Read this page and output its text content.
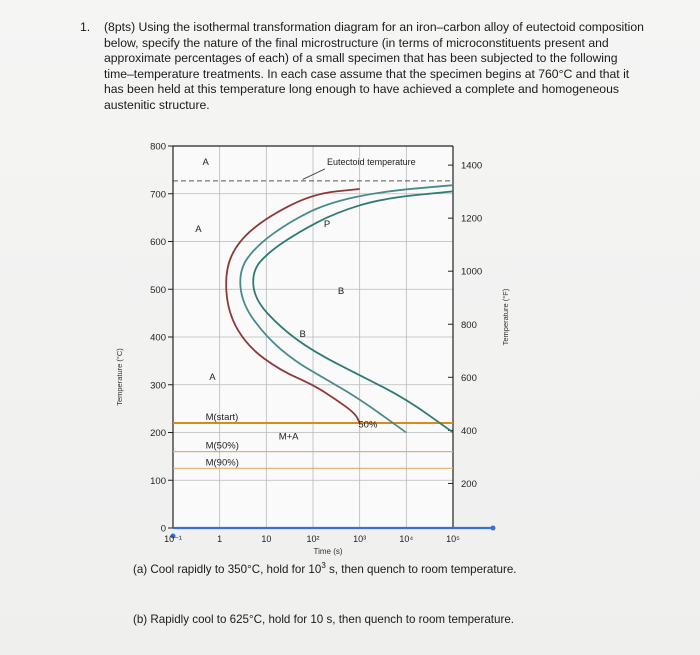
1. (8pts) Using the isothermal transformation diagram for an iron–carbon alloy of eutectoid composition below, specify the nature of the final microstructure (in terms of microconstituents present and approximate percentages of each) of a small specimen that has been subjected to the following time–temperature treatments. In each case assume that the specimen begins at 760°C and that it has been held at this temperature long enough to have achieved a complete and homogeneous austenitic structure.
0
100
200
300
400
500
600
700
800
200
400
600
800
1000
1200
1400
10⁻¹	1	10	10²	10³	10⁴	10⁵
Time (s)
Temperature (°C)
Temperature (°F)
M(start)
M(50%)
M(90%)
A
A	P
B
B
A
M+A
50%
Eutectoid temperature
(a) Cool rapidly to 350°C, hold for $10^3$ s, then quench to room temperature.
(b) Rapidly cool to 625°C, hold for 10 s, then quench to room temperature.
